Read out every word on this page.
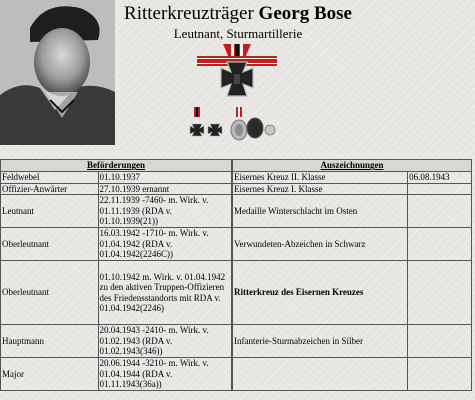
Ritterkreuzträger Georg Bose
Leutnant, Sturmartillerie
Beförderungen	
Feldwebel	01.10.1937
Offizier-Anwärter	27.10.1939 ernannt
Leutnant	22.11.1939 -7460- m. Wirk. v. 01.11.1939 (RDA v. 01.10.1939(21))
Oberleutnant	16.03.1942 -1710- m. Wirk. v. 01.04.1942 (RDA v. 01.04.1942(2246C))
Oberleutnant	01.10.1942 m. Wirk. v. 01.04.1942 zu den aktiven Truppen-Offizieren des Friedensstandorts mit RDA v. 01.04.1942(2246)
Hauptmann	20.04.1943 -2410- m. Wirk. v. 01.02.1943 (RDA v. 01.02.1943(346))
Major	20.06.1944 -3210- m. Wirk. v. 01.04.1944 (RDA v. 01.11.1943(36a))
Auszeichnungen	
Eisernes Kreuz II. Klasse	06.08.1943
Eisernes Kreuz I. Klasse	
Medaille Winterschlacht im Osten	
Verwundeten-Abzeichen in Schwarz	
Ritterkreuz des Eisernen Kreuzes	
Infanterie-Sturmabzeichen in Silber	
